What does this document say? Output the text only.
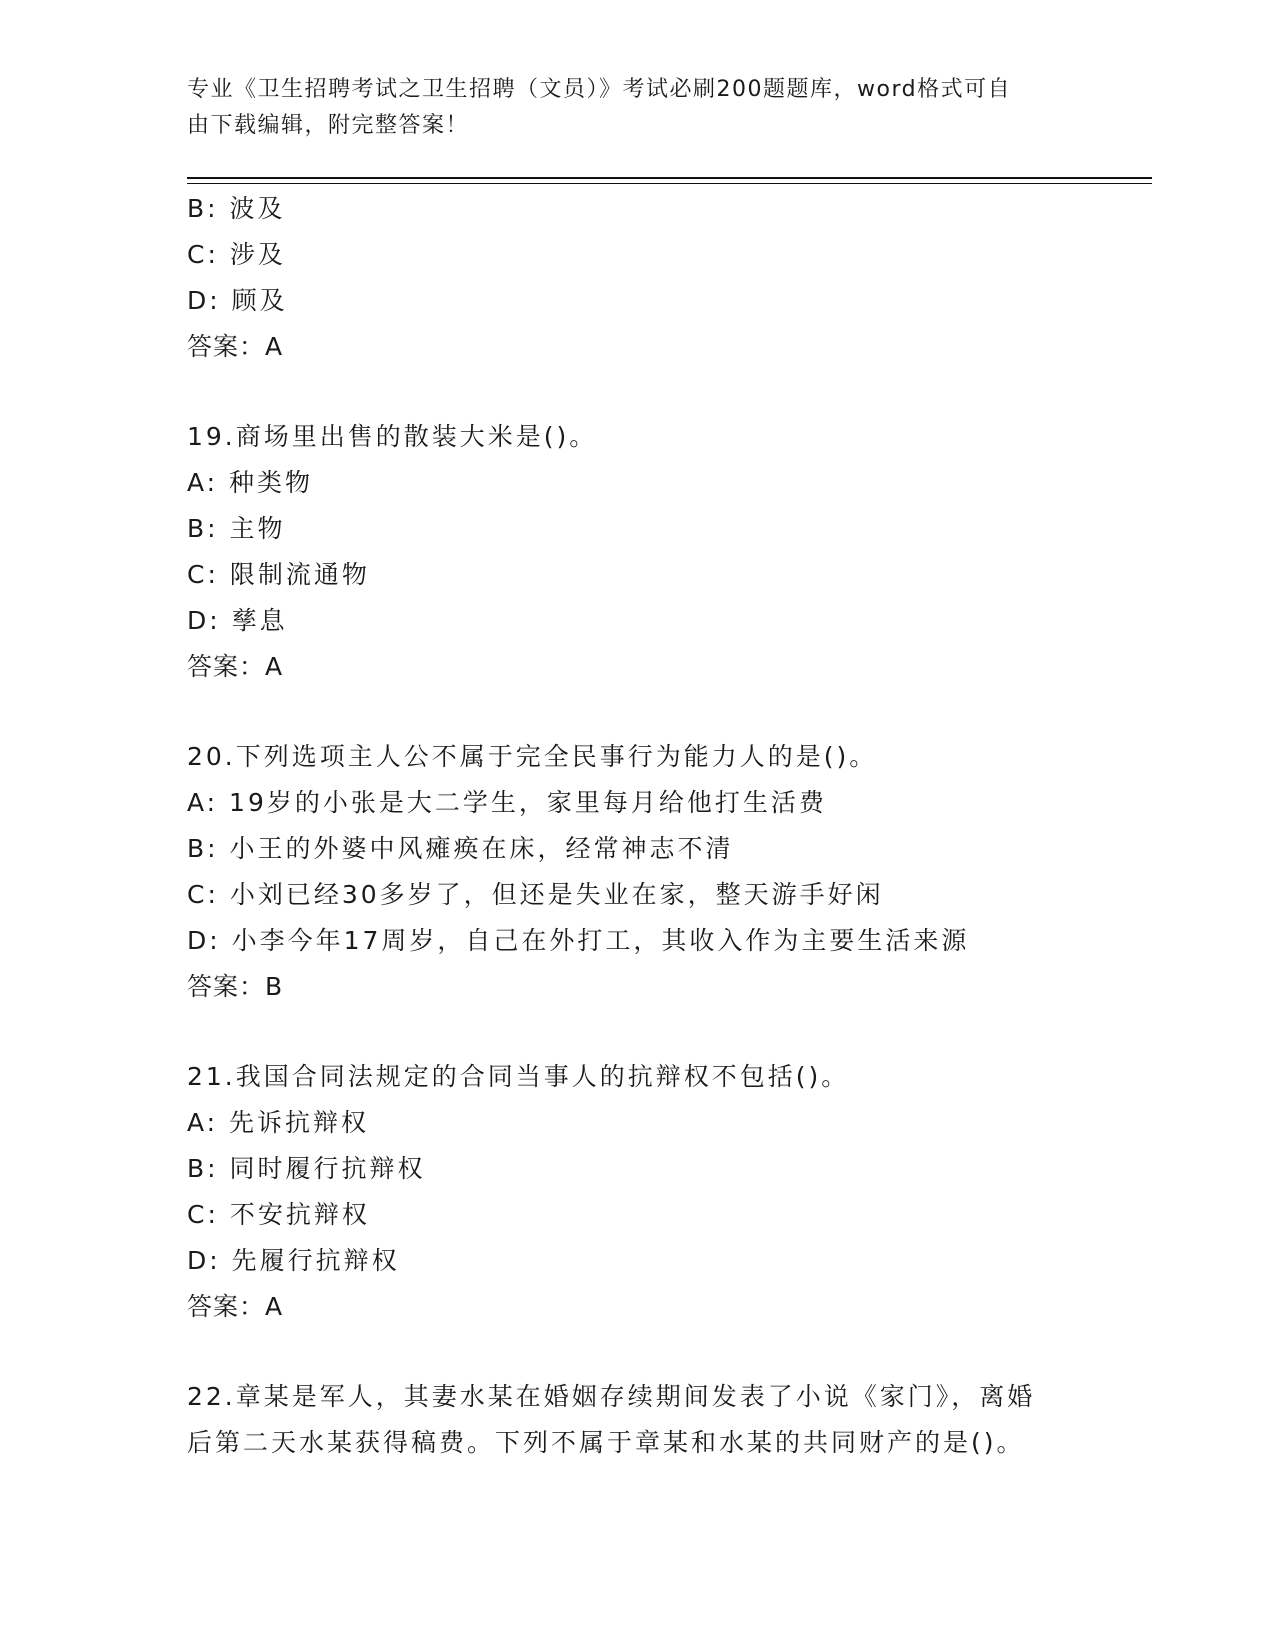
专业《卫生招聘考试之卫生招聘（文员）》考试必刷200题题库，word格式可自
由下载编辑，附完整答案！
B: 波及
C: 涉及
D: 顾及
答案：A
19.商场里出售的散装大米是()。
A: 种类物
B: 主物
C: 限制流通物
D: 孳息
答案：A
20.下列选项主人公不属于完全民事行为能力人的是()。
A: 19岁的小张是大二学生，家里每月给他打生活费
B: 小王的外婆中风瘫痪在床，经常神志不清
C: 小刘已经30多岁了，但还是失业在家，整天游手好闲
D: 小李今年17周岁，自己在外打工，其收入作为主要生活来源
答案：B
21.我国合同法规定的合同当事人的抗辩权不包括()。
A: 先诉抗辩权
B: 同时履行抗辩权
C: 不安抗辩权
D: 先履行抗辩权
答案：A
22.章某是军人，其妻水某在婚姻存续期间发表了小说《家门》，离婚
后第二天水某获得稿费。下列不属于章某和水某的共同财产的是()。
